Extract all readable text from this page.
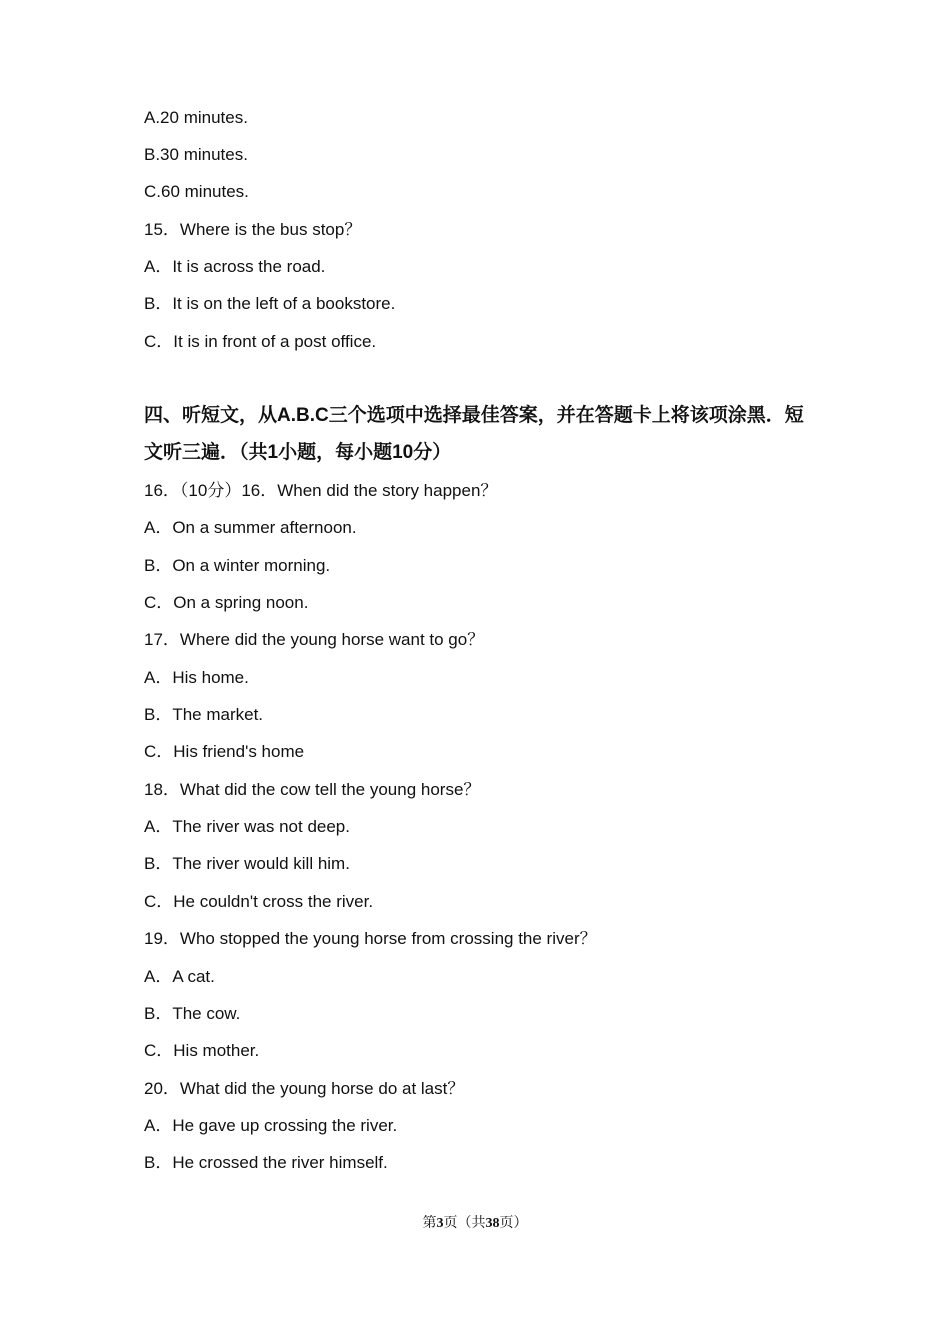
A.20 minutes.
B.30 minutes.
C.60 minutes.
15．Where is the bus stop？
A．It is across the road.
B．It is on the left of a bookstore.
C．It is in front of a post office.
四、听短文，从A.B.C三个选项中选择最佳答案，并在答题卡上将该项涂黑．短
文听三遍．（共1小题，每小题10分）
16．（10分）16．When did the story happen？
A．On a summer afternoon.
B．On a winter morning.
C．On a spring noon.
17．Where did the young horse want to go？
A．His home.
B．The market.
C．His friend's home
18．What did the cow tell the young horse？
A．The river was not deep.
B．The river would kill him.
C．He couldn't cross the river.
19．Who stopped the young horse from crossing the river？
A．A cat.
B．The cow.
C．His mother.
20．What did the young horse do at last？
A．He gave up crossing the river.
B．He crossed the river himself.
第3页（共38页）
